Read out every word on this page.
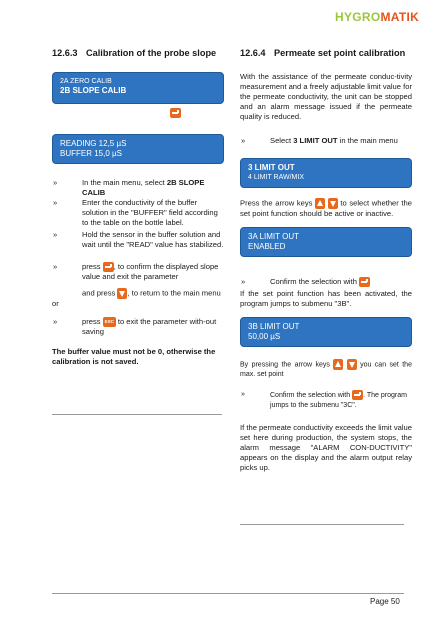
HYGROMATIK
12.6.3 Calibration of the probe slope
2A ZERO CALIB
2B SLOPE CALIB
READING 12,5 µS
BUFFER 15,0 µS
»	In the main menu, select 2B SLOPE CALIB
»	Enter the conductivity of the buffer solution in the "BUFFER" field according to the table on the bottle label.
»	Hold the sensor in the buffer solution and wait until the "READ" value has stabilized.
»	press , to confirm the displayed slope value and exit the parameter
and press , to return to the main menu
or
»	press ESC to exit the parameter with-out saving
The buffer value must not be 0, otherwise the calibration is not saved.
12.6.4 Permeate set point calibration
With the assistance of the permeate conduc-tivity measurement and a freely adjustable limit value for the permeate conductivity, the unit can be stopped and an alarm message issued if the permeate quality is reduced.
»	Select 3 LIMIT OUT in the main menu
3 LIMIT OUT
4 LIMIT RAW/MIX
Press the arrow keys
	to select whether the set point function should be active or inactive.
3A LIMIT OUT
ENABLED
»	Confirm the selection with
If the set point function has been activated, the program jumps to submenu "3B".
3B LIMIT OUT
50,00 µS
By pressing the arrow keys
	you can set the max. set point
»	Confirm the selection with . The program jumps to the submenu "3C".
If the permeate conductivity exceeds the limit value set here during production, the system stops, the alarm message "ALARM CON-DUCTIVITY" appears on the display and the alarm output relay picks up.
Page 50
